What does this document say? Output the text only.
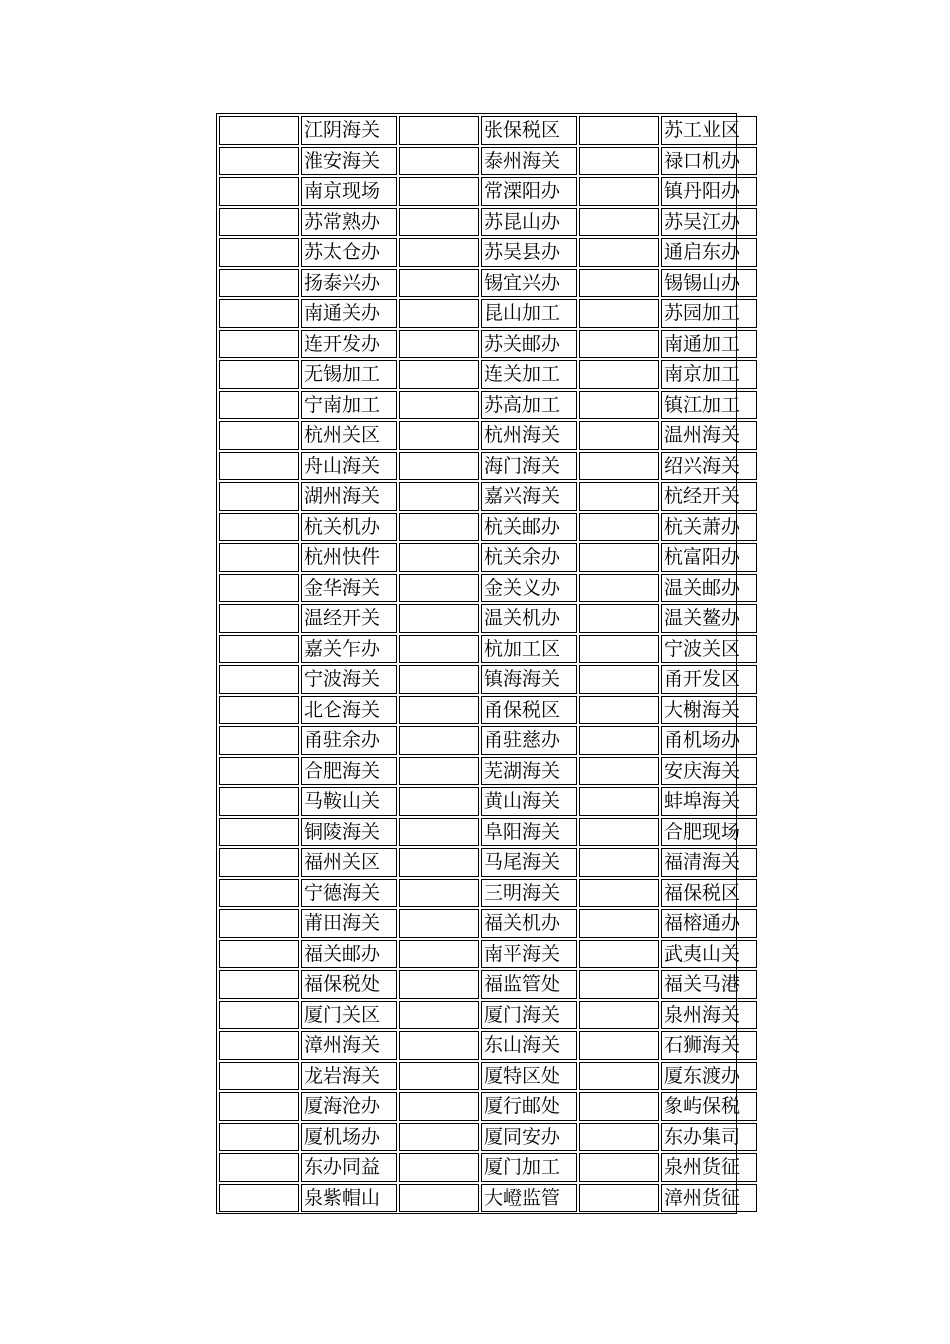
	江阴海关		张保税区		苏工业区
	淮安海关		泰州海关		禄口机办
	南京现场		常溧阳办		镇丹阳办
	苏常熟办		苏昆山办		苏吴江办
	苏太仓办		苏吴县办		通启东办
	扬泰兴办		锡宜兴办		锡锡山办
	南通关办		昆山加工		苏园加工
	连开发办		苏关邮办		南通加工
	无锡加工		连关加工		南京加工
	宁南加工		苏高加工		镇江加工
	杭州关区		杭州海关		温州海关
	舟山海关		海门海关		绍兴海关
	湖州海关		嘉兴海关		杭经开关
	杭关机办		杭关邮办		杭关萧办
	杭州快件		杭关余办		杭富阳办
	金华海关		金关义办		温关邮办
	温经开关		温关机办		温关鳌办
	嘉关乍办		杭加工区		宁波关区
	宁波海关		镇海海关		甬开发区
	北仑海关		甬保税区		大榭海关
	甬驻余办		甬驻慈办		甬机场办
	合肥海关		芜湖海关		安庆海关
	马鞍山关		黄山海关		蚌埠海关
	铜陵海关		阜阳海关		合肥现场
	福州关区		马尾海关		福清海关
	宁德海关		三明海关		福保税区
	莆田海关		福关机办		福榕通办
	福关邮办		南平海关		武夷山关
	福保税处		福监管处		福关马港
	厦门关区		厦门海关		泉州海关
	漳州海关		东山海关		石狮海关
	龙岩海关		厦特区处		厦东渡办
	厦海沧办		厦行邮处		象屿保税
	厦机场办		厦同安办		东办集司
	东办同益		厦门加工		泉州货征
	泉紫帽山		大嶝监管		漳州货征
